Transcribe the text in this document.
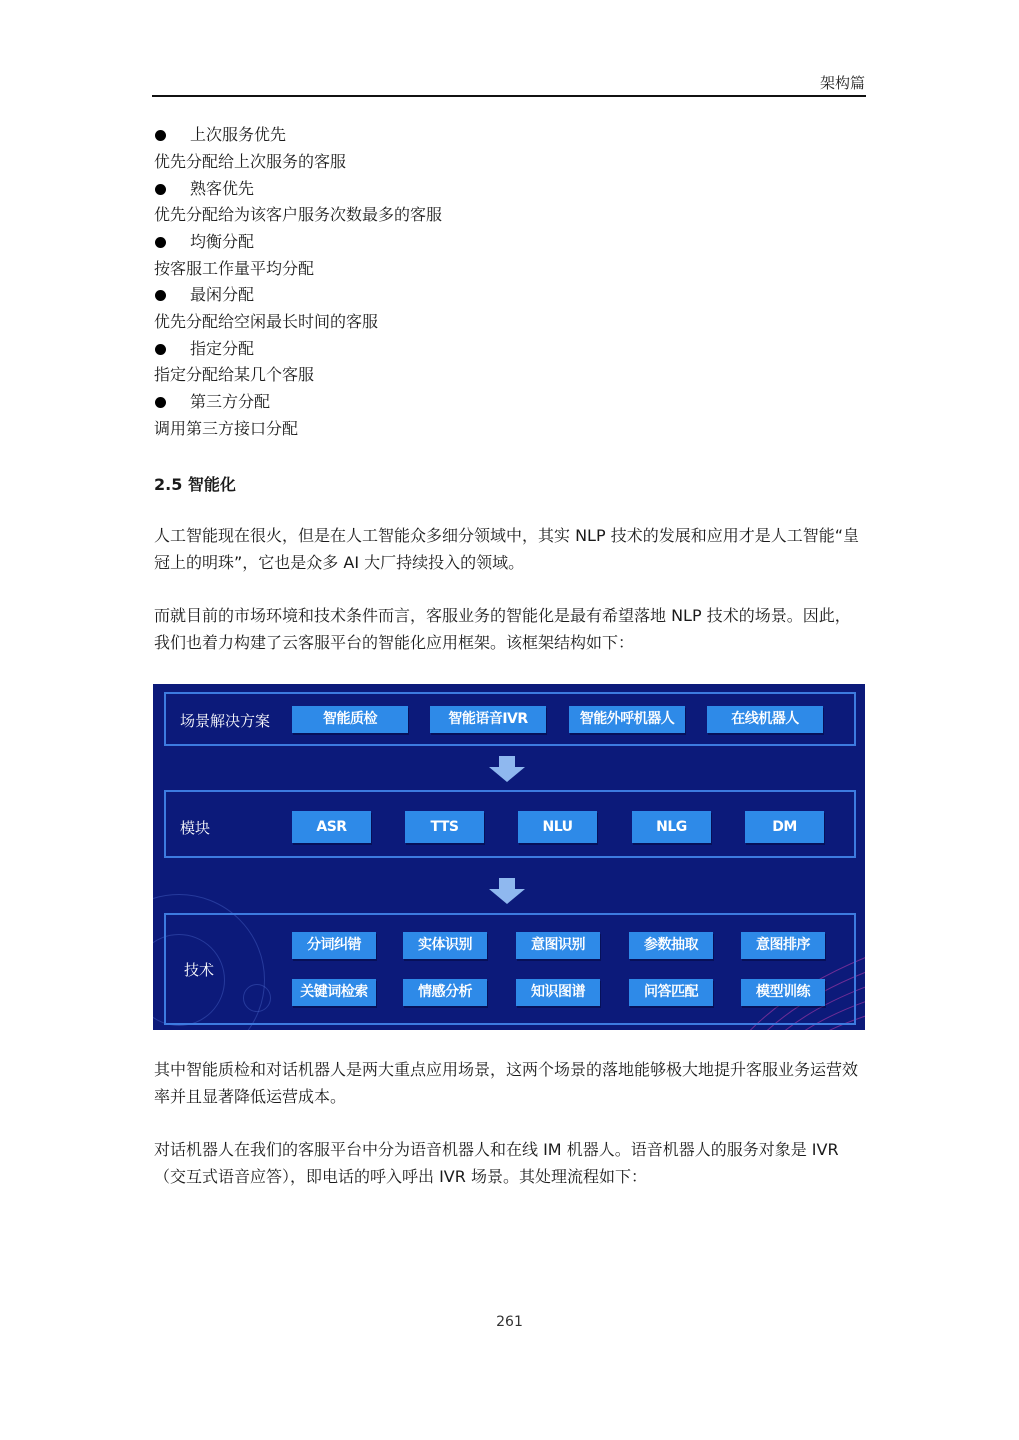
架构篇
上次服务优先
优先分配给上次服务的客服
熟客优先
优先分配给为该客户服务次数最多的客服
均衡分配
按客服工作量平均分配
最闲分配
优先分配给空闲最长时间的客服
指定分配
指定分配给某几个客服
第三方分配
调用第三方接口分配
2.5 智能化
人工智能现在很火，但是在人工智能众多细分领域中，其实 NLP 技术的发展和应用才是人工智能“皇冠上的明珠”，它也是众多 AI 大厂持续投入的领域。
而就目前的市场环境和技术条件而言，客服业务的智能化是最有希望落地 NLP 技术的场景。因此，我们也着力构建了云客服平台的智能化应用框架。该框架结构如下：
其中智能质检和对话机器人是两大重点应用场景，这两个场景的落地能够极大地提升客服业务运营效率并且显著降低运营成本。
对话机器人在我们的客服平台中分为语音机器人和在线 IM 机器人。语音机器人的服务对象是 IVR（交互式语音应答），即电话的呼入呼出 IVR 场景。其处理流程如下：
场景解决方案	智能质检	智能语音IVR	智能外呼机器人	在线机器人
模块	ASR	TTS	NLU	NLG	DM
技术
分词纠错	实体识别	意图识别	参数抽取	意图排序
关键词检索	情感分析	知识图谱	问答匹配	模型训练
261
